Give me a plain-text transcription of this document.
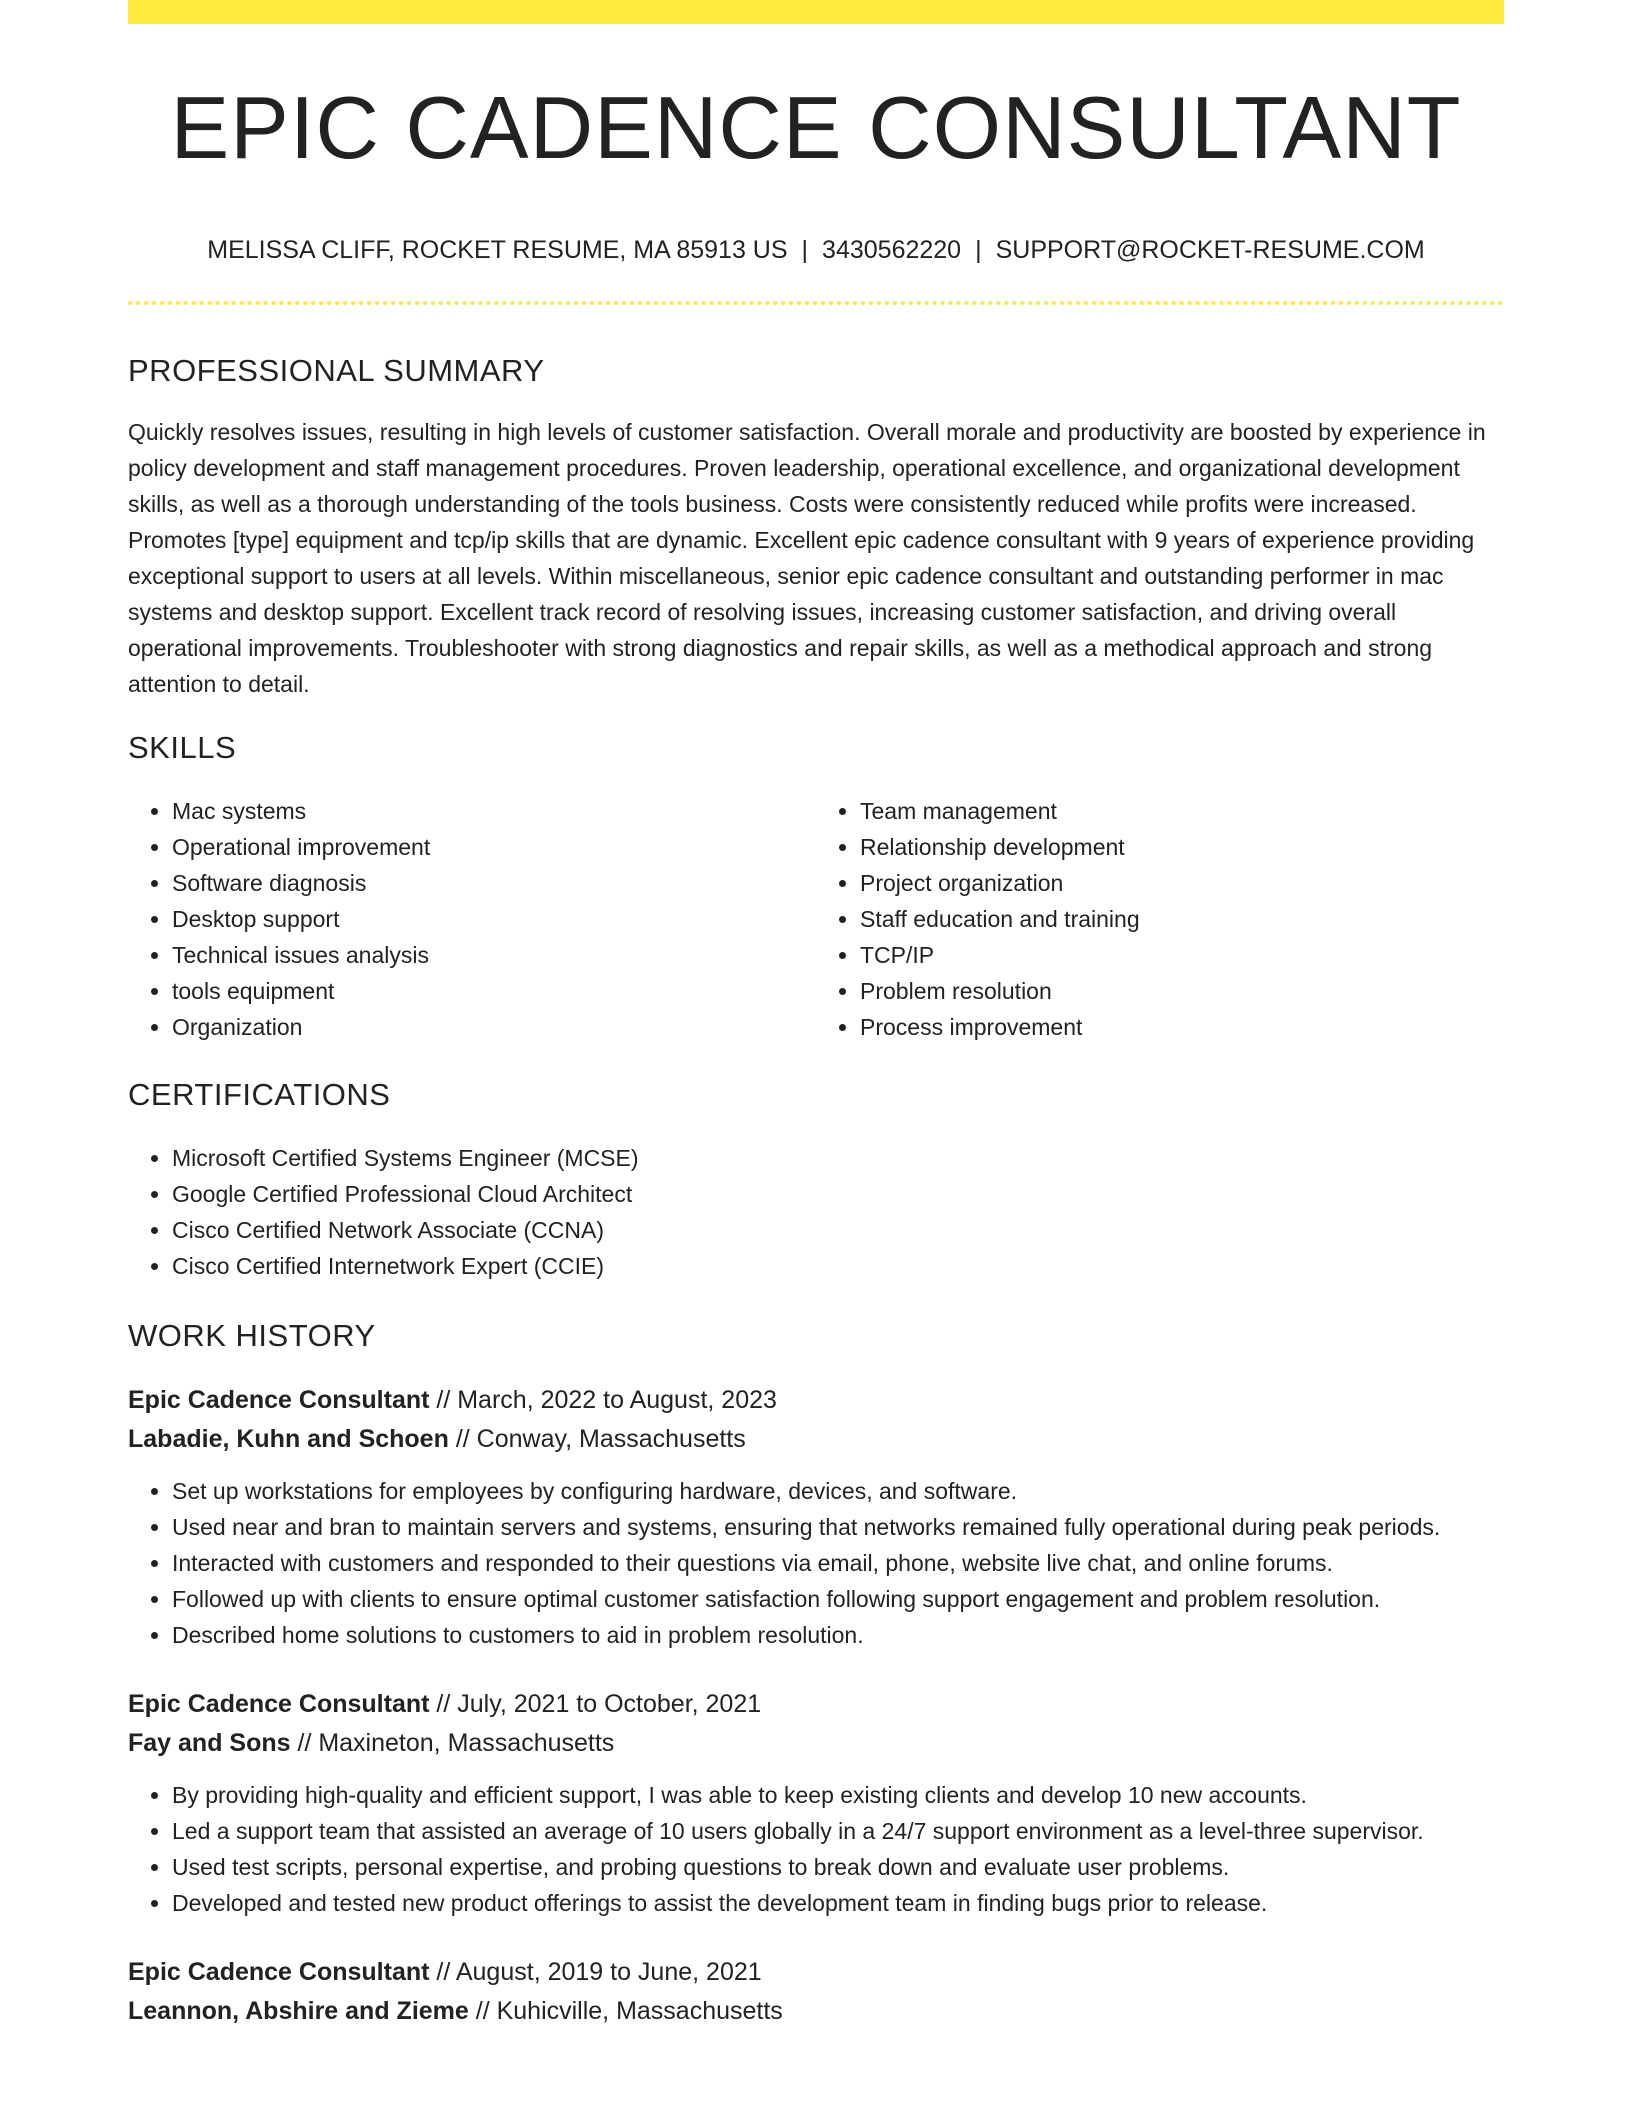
EPIC CADENCE CONSULTANT
MELISSA CLIFF, ROCKET RESUME, MA 85913 US | 3430562220 | SUPPORT@ROCKET-RESUME.COM
PROFESSIONAL SUMMARY
Quickly resolves issues, resulting in high levels of customer satisfaction. Overall morale and productivity are boosted by experience in policy development and staff management procedures. Proven leadership, operational excellence, and organizational development skills, as well as a thorough understanding of the tools business. Costs were consistently reduced while profits were increased. Promotes [type] equipment and tcp/ip skills that are dynamic. Excellent epic cadence consultant with 9 years of experience providing exceptional support to users at all levels. Within miscellaneous, senior epic cadence consultant and outstanding performer in mac systems and desktop support. Excellent track record of resolving issues, increasing customer satisfaction, and driving overall operational improvements. Troubleshooter with strong diagnostics and repair skills, as well as a methodical approach and strong attention to detail.
SKILLS
• Mac systems
• Operational improvement
• Software diagnosis
• Desktop support
• Technical issues analysis
• tools equipment
• Organization
• Team management
• Relationship development
• Project organization
• Staff education and training
• TCP/IP
• Problem resolution
• Process improvement
CERTIFICATIONS
• Microsoft Certified Systems Engineer (MCSE)
• Google Certified Professional Cloud Architect
• Cisco Certified Network Associate (CCNA)
• Cisco Certified Internetwork Expert (CCIE)
WORK HISTORY
Epic Cadence Consultant // March, 2022 to August, 2023
Labadie, Kuhn and Schoen // Conway, Massachusetts
• Set up workstations for employees by configuring hardware, devices, and software.
• Used near and bran to maintain servers and systems, ensuring that networks remained fully operational during peak periods.
• Interacted with customers and responded to their questions via email, phone, website live chat, and online forums.
• Followed up with clients to ensure optimal customer satisfaction following support engagement and problem resolution.
• Described home solutions to customers to aid in problem resolution.
Epic Cadence Consultant // July, 2021 to October, 2021
Fay and Sons // Maxineton, Massachusetts
• By providing high-quality and efficient support, I was able to keep existing clients and develop 10 new accounts.
• Led a support team that assisted an average of 10 users globally in a 24/7 support environment as a level-three supervisor.
• Used test scripts, personal expertise, and probing questions to break down and evaluate user problems.
• Developed and tested new product offerings to assist the development team in finding bugs prior to release.
Epic Cadence Consultant // August, 2019 to June, 2021
Leannon, Abshire and Zieme // Kuhicville, Massachusetts
